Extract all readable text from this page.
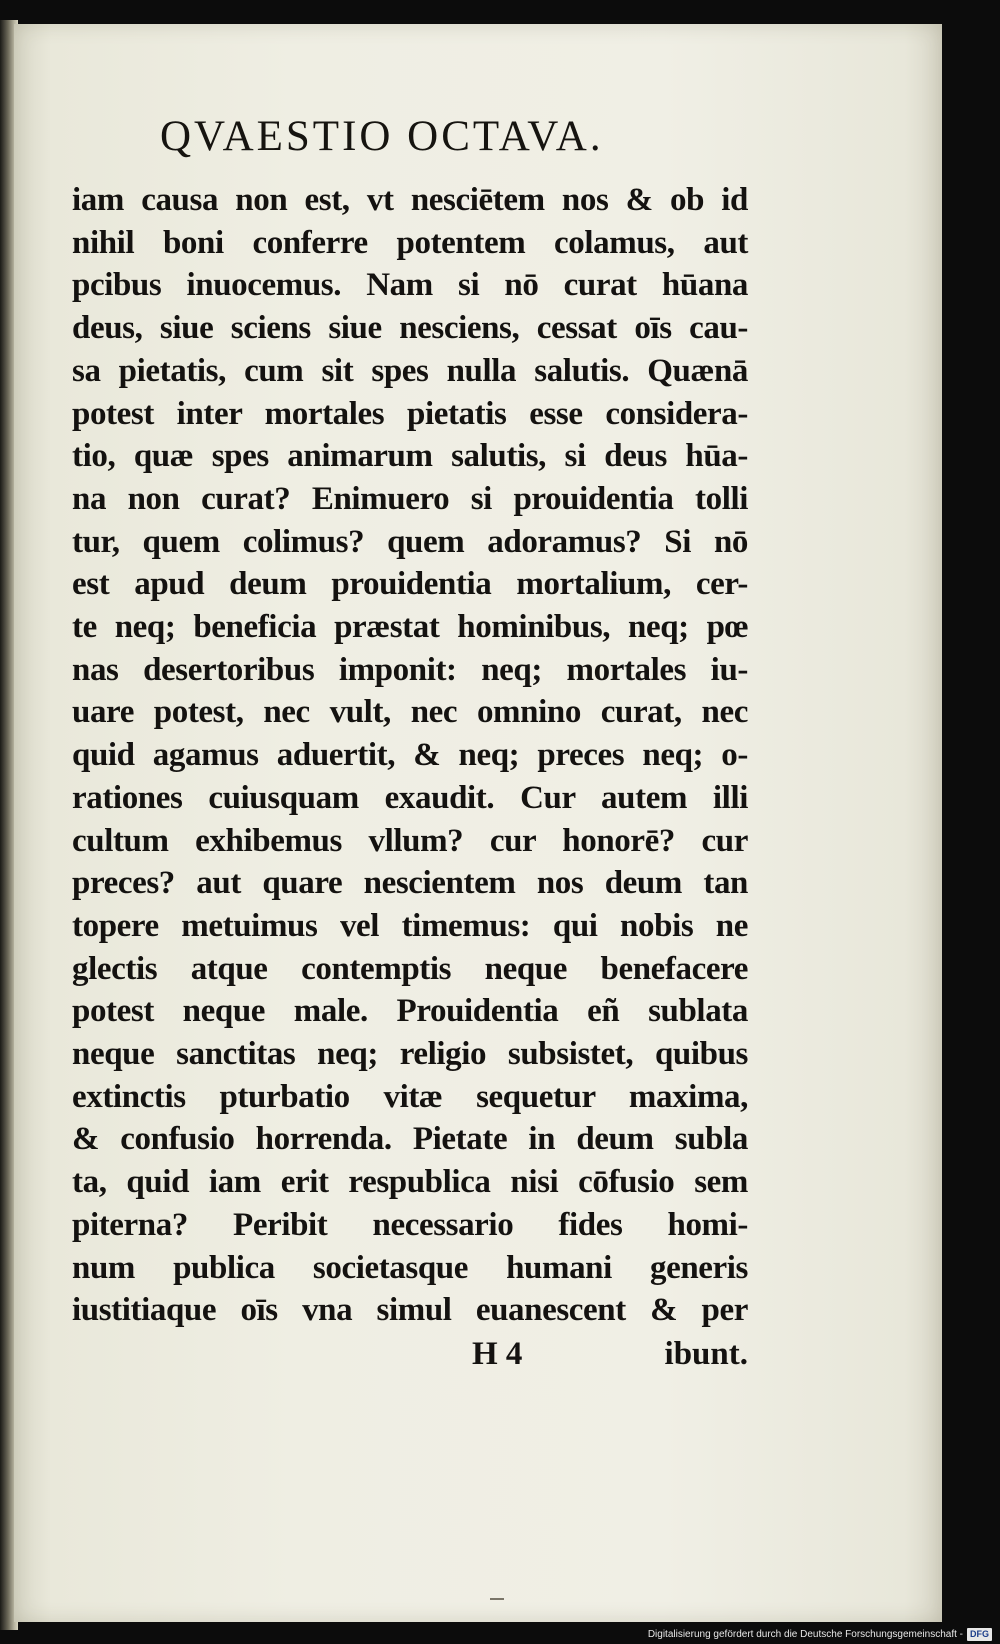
QVAESTIO OCTAVA.
iam causa non est, vt nesciētem nos & ob id
nihil boni conferre potentem colamus, aut
pcibus inuocemus. Nam si nō curat hūana
deus, siue sciens siue nesciens, cessat oīs cau-
sa pietatis, cum sit spes nulla salutis. Quænā
potest inter mortales pietatis esse considera-
tio, quæ spes animarum salutis, si deus hūa-
na non curat? Enimuero si prouidentia tolli
tur, quem colimus? quem adoramus? Si nō
est apud deum prouidentia mortalium, cer-
te neq; beneficia præstat hominibus, neq; pœ
nas desertoribus imponit: neq; mortales iu-
uare potest, nec vult, nec omnino curat, nec
quid agamus aduertit, & neq; preces neq; o-
rationes cuiusquam exaudit. Cur autem illi
cultum exhibemus vllum? cur honorē? cur
preces? aut quare nescientem nos deum tan
topere metuimus vel timemus: qui nobis ne
glectis atque contemptis neque benefacere
potest neque male. Prouidentia eñ sublata
neque sanctitas neq; religio subsistet, quibus
extinctis pturbatio vitæ sequetur maxima,
& confusio horrenda. Pietate in deum subla
ta, quid iam erit respublica nisi cōfusio sem
piterna? Peribit necessario fides homi-
num publica societasque humani generis
iustitiaque oīs vna simul euanescent & per
H 4	ibunt.
Digitalisierung gefördert durch die Deutsche Forschungsgemeinschaft - DFG
